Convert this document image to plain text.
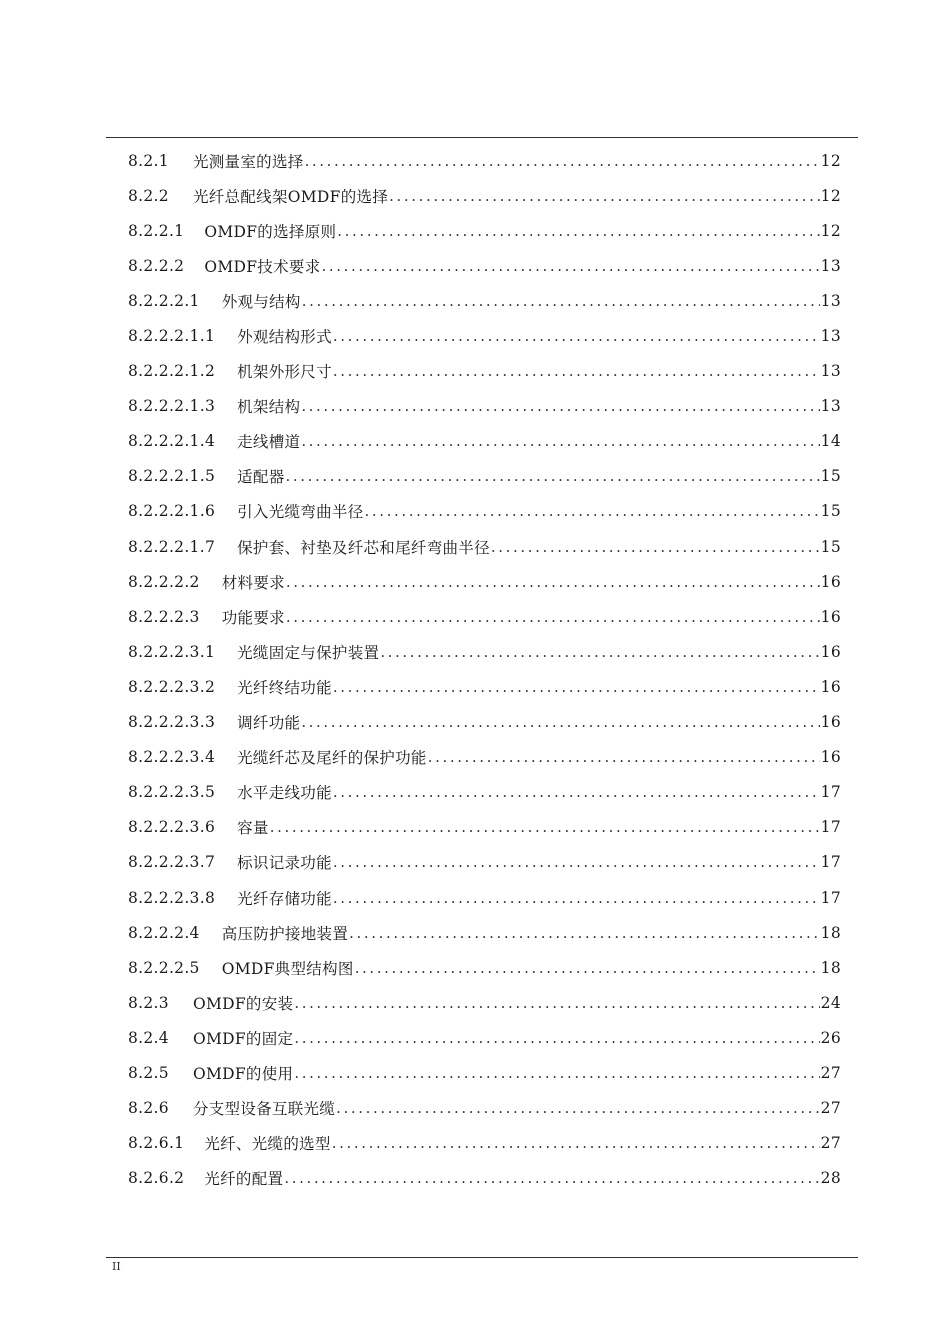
8.2.1 光测量室的选择 .....	12
8.2.2 光纤总配线架OMDF的选择 .....	12
8.2.2.1 OMDF的选择原则 .....	12
8.2.2.2 OMDF技术要求 .....	13
8.2.2.2.1 外观与结构 .....	13
8.2.2.2.1.1 外观结构形式 .....	13
8.2.2.2.1.2 机架外形尺寸 .....	13
8.2.2.2.1.3 机架结构 .....	13
8.2.2.2.1.4 走线槽道 .....	14
8.2.2.2.1.5 适配器 .....	15
8.2.2.2.1.6 引入光缆弯曲半径 .....	15
8.2.2.2.1.7 保护套、衬垫及纤芯和尾纤弯曲半径 .....	15
8.2.2.2.2 材料要求 .....	16
8.2.2.2.3 功能要求 .....	16
8.2.2.2.3.1 光缆固定与保护装置 .....	16
8.2.2.2.3.2 光纤终结功能 .....	16
8.2.2.2.3.3 调纤功能 .....	16
8.2.2.2.3.4 光缆纤芯及尾纤的保护功能 .....	16
8.2.2.2.3.5 水平走线功能 .....	17
8.2.2.2.3.6 容量 .....	17
8.2.2.2.3.7 标识记录功能 .....	17
8.2.2.2.3.8 光纤存储功能 .....	17
8.2.2.2.4 高压防护接地装置 .....	18
8.2.2.2.5 OMDF典型结构图 .....	18
8.2.3 OMDF的安装 .....	24
8.2.4 OMDF的固定 .....	26
8.2.5 OMDF的使用 .....	27
8.2.6 分支型设备互联光缆 .....	27
8.2.6.1 光纤、光缆的选型 .....	27
8.2.6.2 光纤的配置 .....	28
II
